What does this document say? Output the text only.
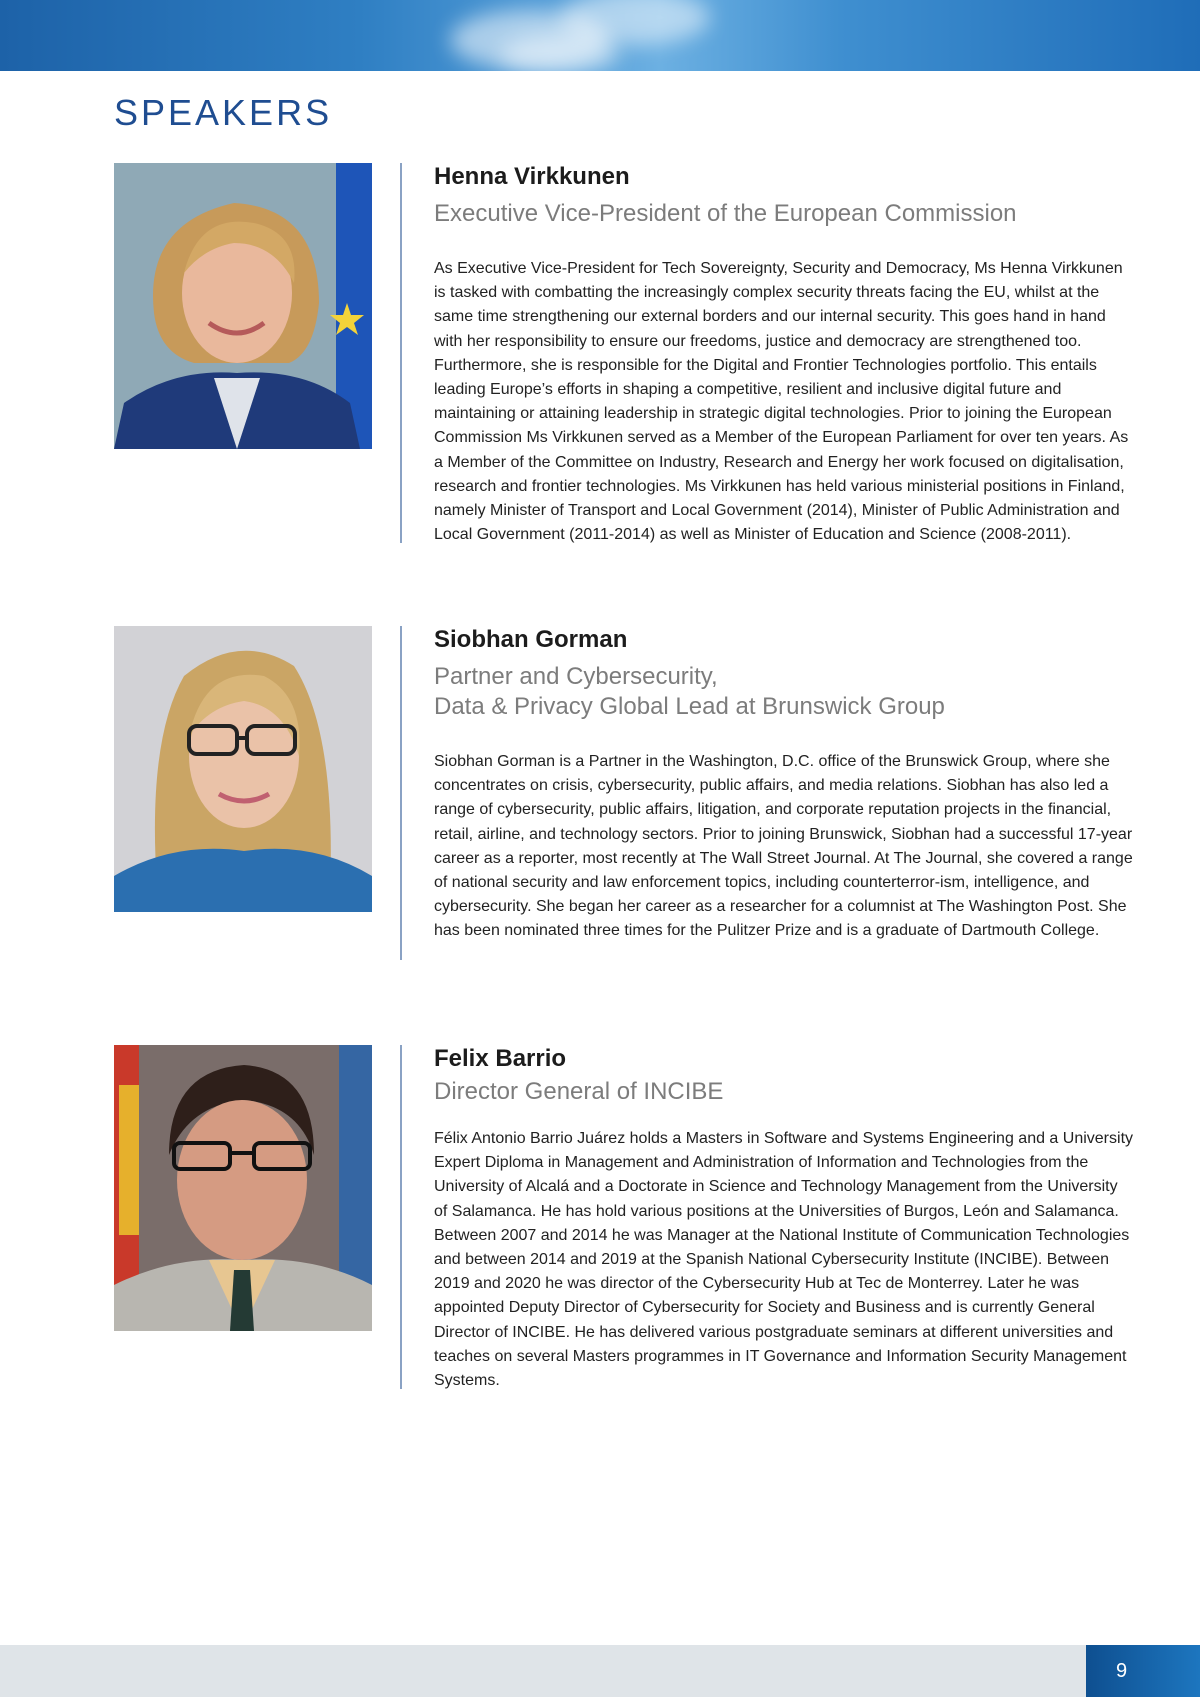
SPEAKERS
Henna Virkkunen

Executive Vice-President of the European Commission

As Executive Vice-President for Tech Sovereignty, Security and Democracy, Ms Henna Virkkunen is tasked with combatting the increasingly complex security threats facing the EU, whilst at the same time strengthening our external borders and our internal security. This goes hand in hand with her responsibility to ensure our freedoms, justice and democracy are strengthened too. Furthermore, she is responsible for the Digital and Frontier Technologies portfolio. This entails leading Europe’s efforts in shaping a competitive, resilient and inclusive digital future and maintaining or attaining leadership in strategic digital technologies. Prior to joining the European Commission Ms Virkkunen served as a Member of the European Parliament for over ten years. As a Member of the Committee on Industry, Research and Energy her work focused on digitalisation, research and frontier technologies. Ms Virkkunen has held various ministerial positions in Finland, namely Minister of Transport and Local Government (2014), Minister of Public Administration and Local Government (2011-2014) as well as Minister of Education and Science (2008-2011).

Siobhan Gorman

Partner and Cybersecurity,
Data & Privacy Global Lead at Brunswick Group

Siobhan Gorman is a Partner in the Washington, D.C. office of the Brunswick Group, where she concentrates on crisis, cybersecurity, public affairs, and media relations. Siobhan has also led a range of cybersecurity, public affairs, litigation, and corporate reputation projects in the financial, retail, airline, and technology sectors. Prior to joining Brunswick, Siobhan had a successful 17-year career as a reporter, most recently at The Wall Street Journal. At The Journal, she covered a range of national security and law enforcement topics, including counterterror-ism, intelligence, and cybersecurity. She began her career as a researcher for a columnist at The Washington Post. She has been nominated three times for the Pulitzer Prize and is a graduate of Dartmouth College.

Felix Barrio

Director General of INCIBE

Félix Antonio Barrio Juárez holds a Masters in Software and Systems Engineering and a University Expert Diploma in Management and Administration of Information and Technologies from the University of Alcalá and a Doctorate in Science and Technology Management from the University of Salamanca. He has hold various positions at the Universities of Burgos, León and Salamanca. Between 2007 and 2014 he was Manager at the National Institute of Communication Technologies and between 2014 and 2019 at the Spanish National Cybersecurity Institute (INCIBE). Between 2019 and 2020 he was director of the Cybersecurity Hub at Tec de Monterrey. Later he was appointed Deputy Director of Cybersecurity for Society and Business and is currently General Director of INCIBE. He has delivered various postgraduate seminars at different universities and teaches on several Masters programmes in IT Governance and Information Security Management Systems.

9
